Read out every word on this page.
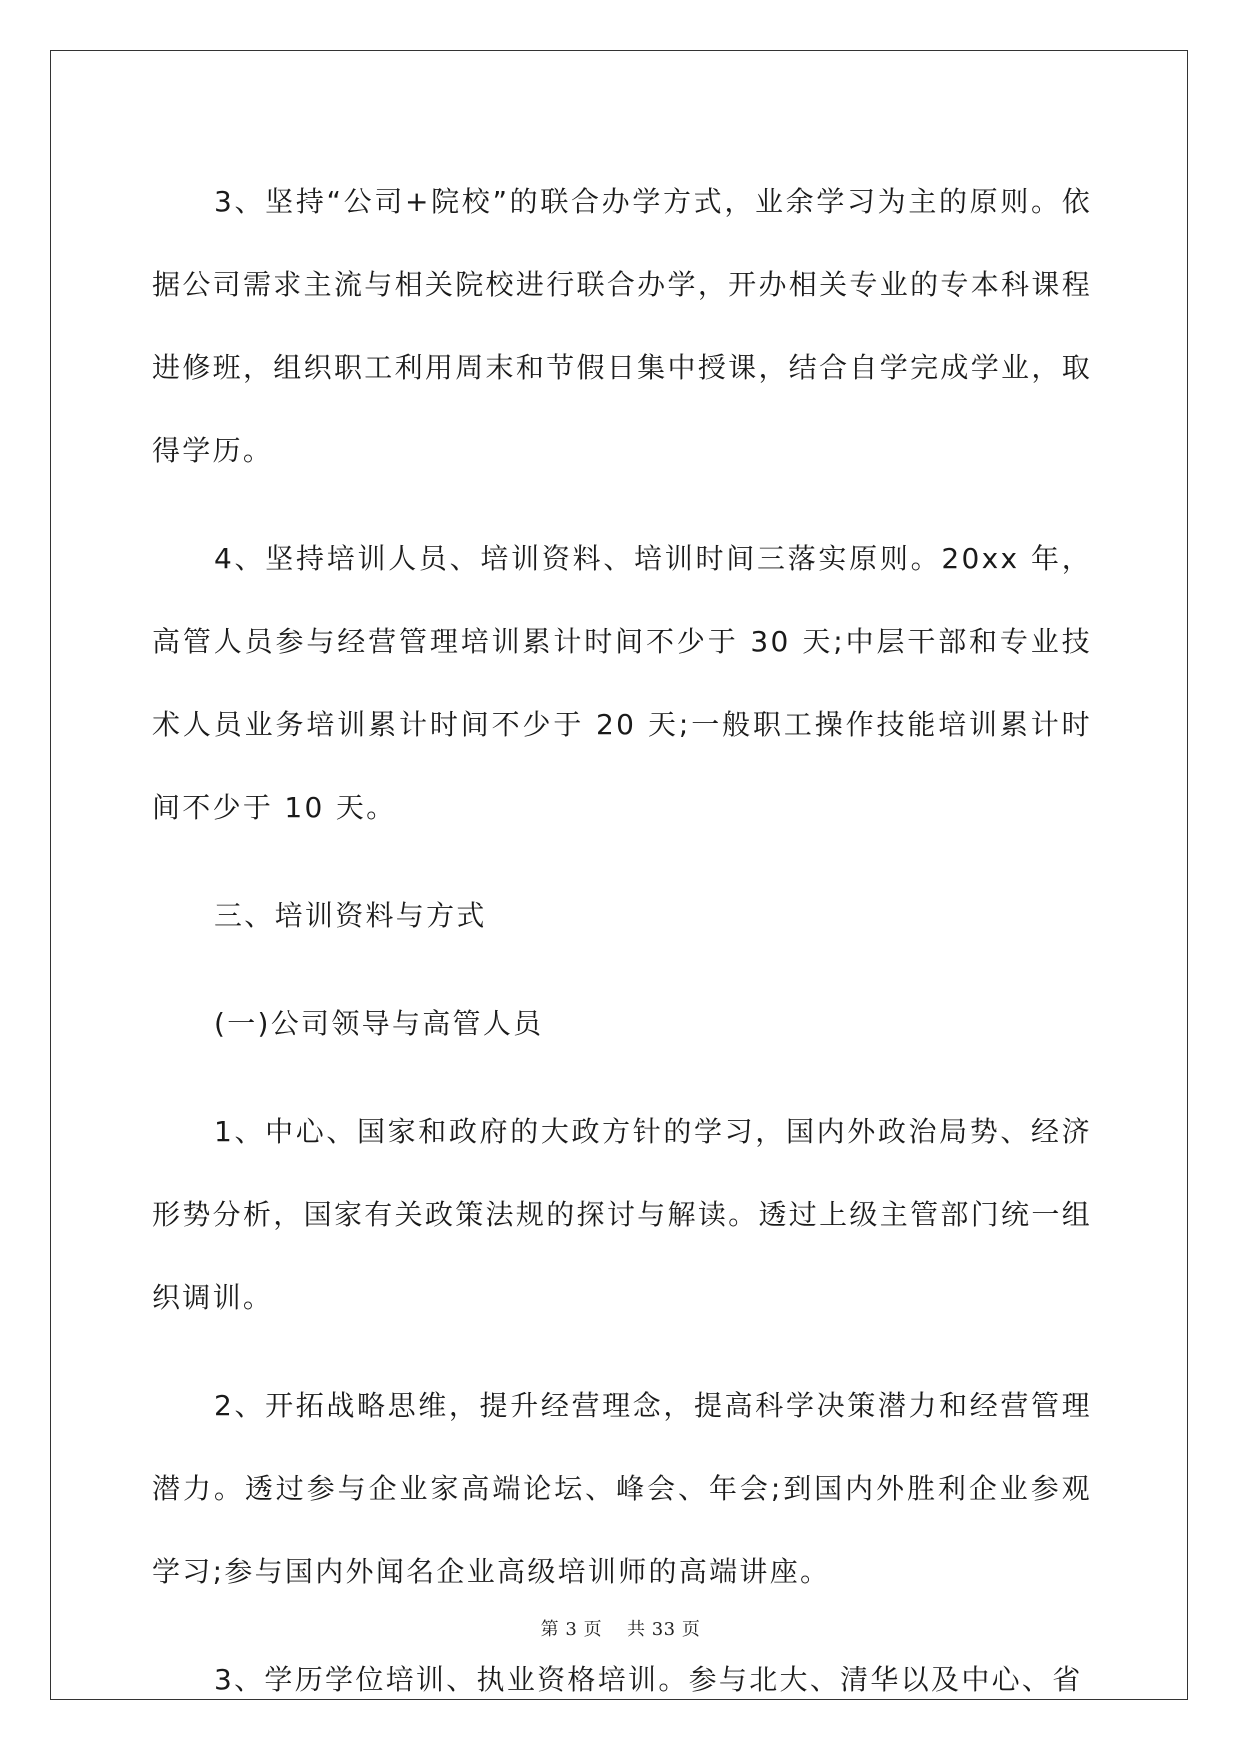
3、坚持“公司+院校”的联合办学方式，业余学习为主的原则。依据公司需求主流与相关院校进行联合办学，开办相关专业的专本科课程进修班，组织职工利用周末和节假日集中授课，结合自学完成学业，取得学历。

4、坚持培训人员、培训资料、培训时间三落实原则。20xx 年，高管人员参与经营管理培训累计时间不少于 30 天;中层干部和专业技术人员业务培训累计时间不少于 20 天;一般职工操作技能培训累计时间不少于 10 天。

三、培训资料与方式

(一)公司领导与高管人员

1、中心、国家和政府的大政方针的学习，国内外政治局势、经济形势分析，国家有关政策法规的探讨与解读。透过上级主管部门统一组织调训。

2、开拓战略思维，提升经营理念，提高科学决策潜力和经营管理潜力。透过参与企业家高端论坛、峰会、年会;到国内外胜利企业参观学习;参与国内外闻名企业高级培训师的高端讲座。

3、学历学位培训、执业资格培训。参与北大、清华以及中心、省

第 3 页 共 33 页
